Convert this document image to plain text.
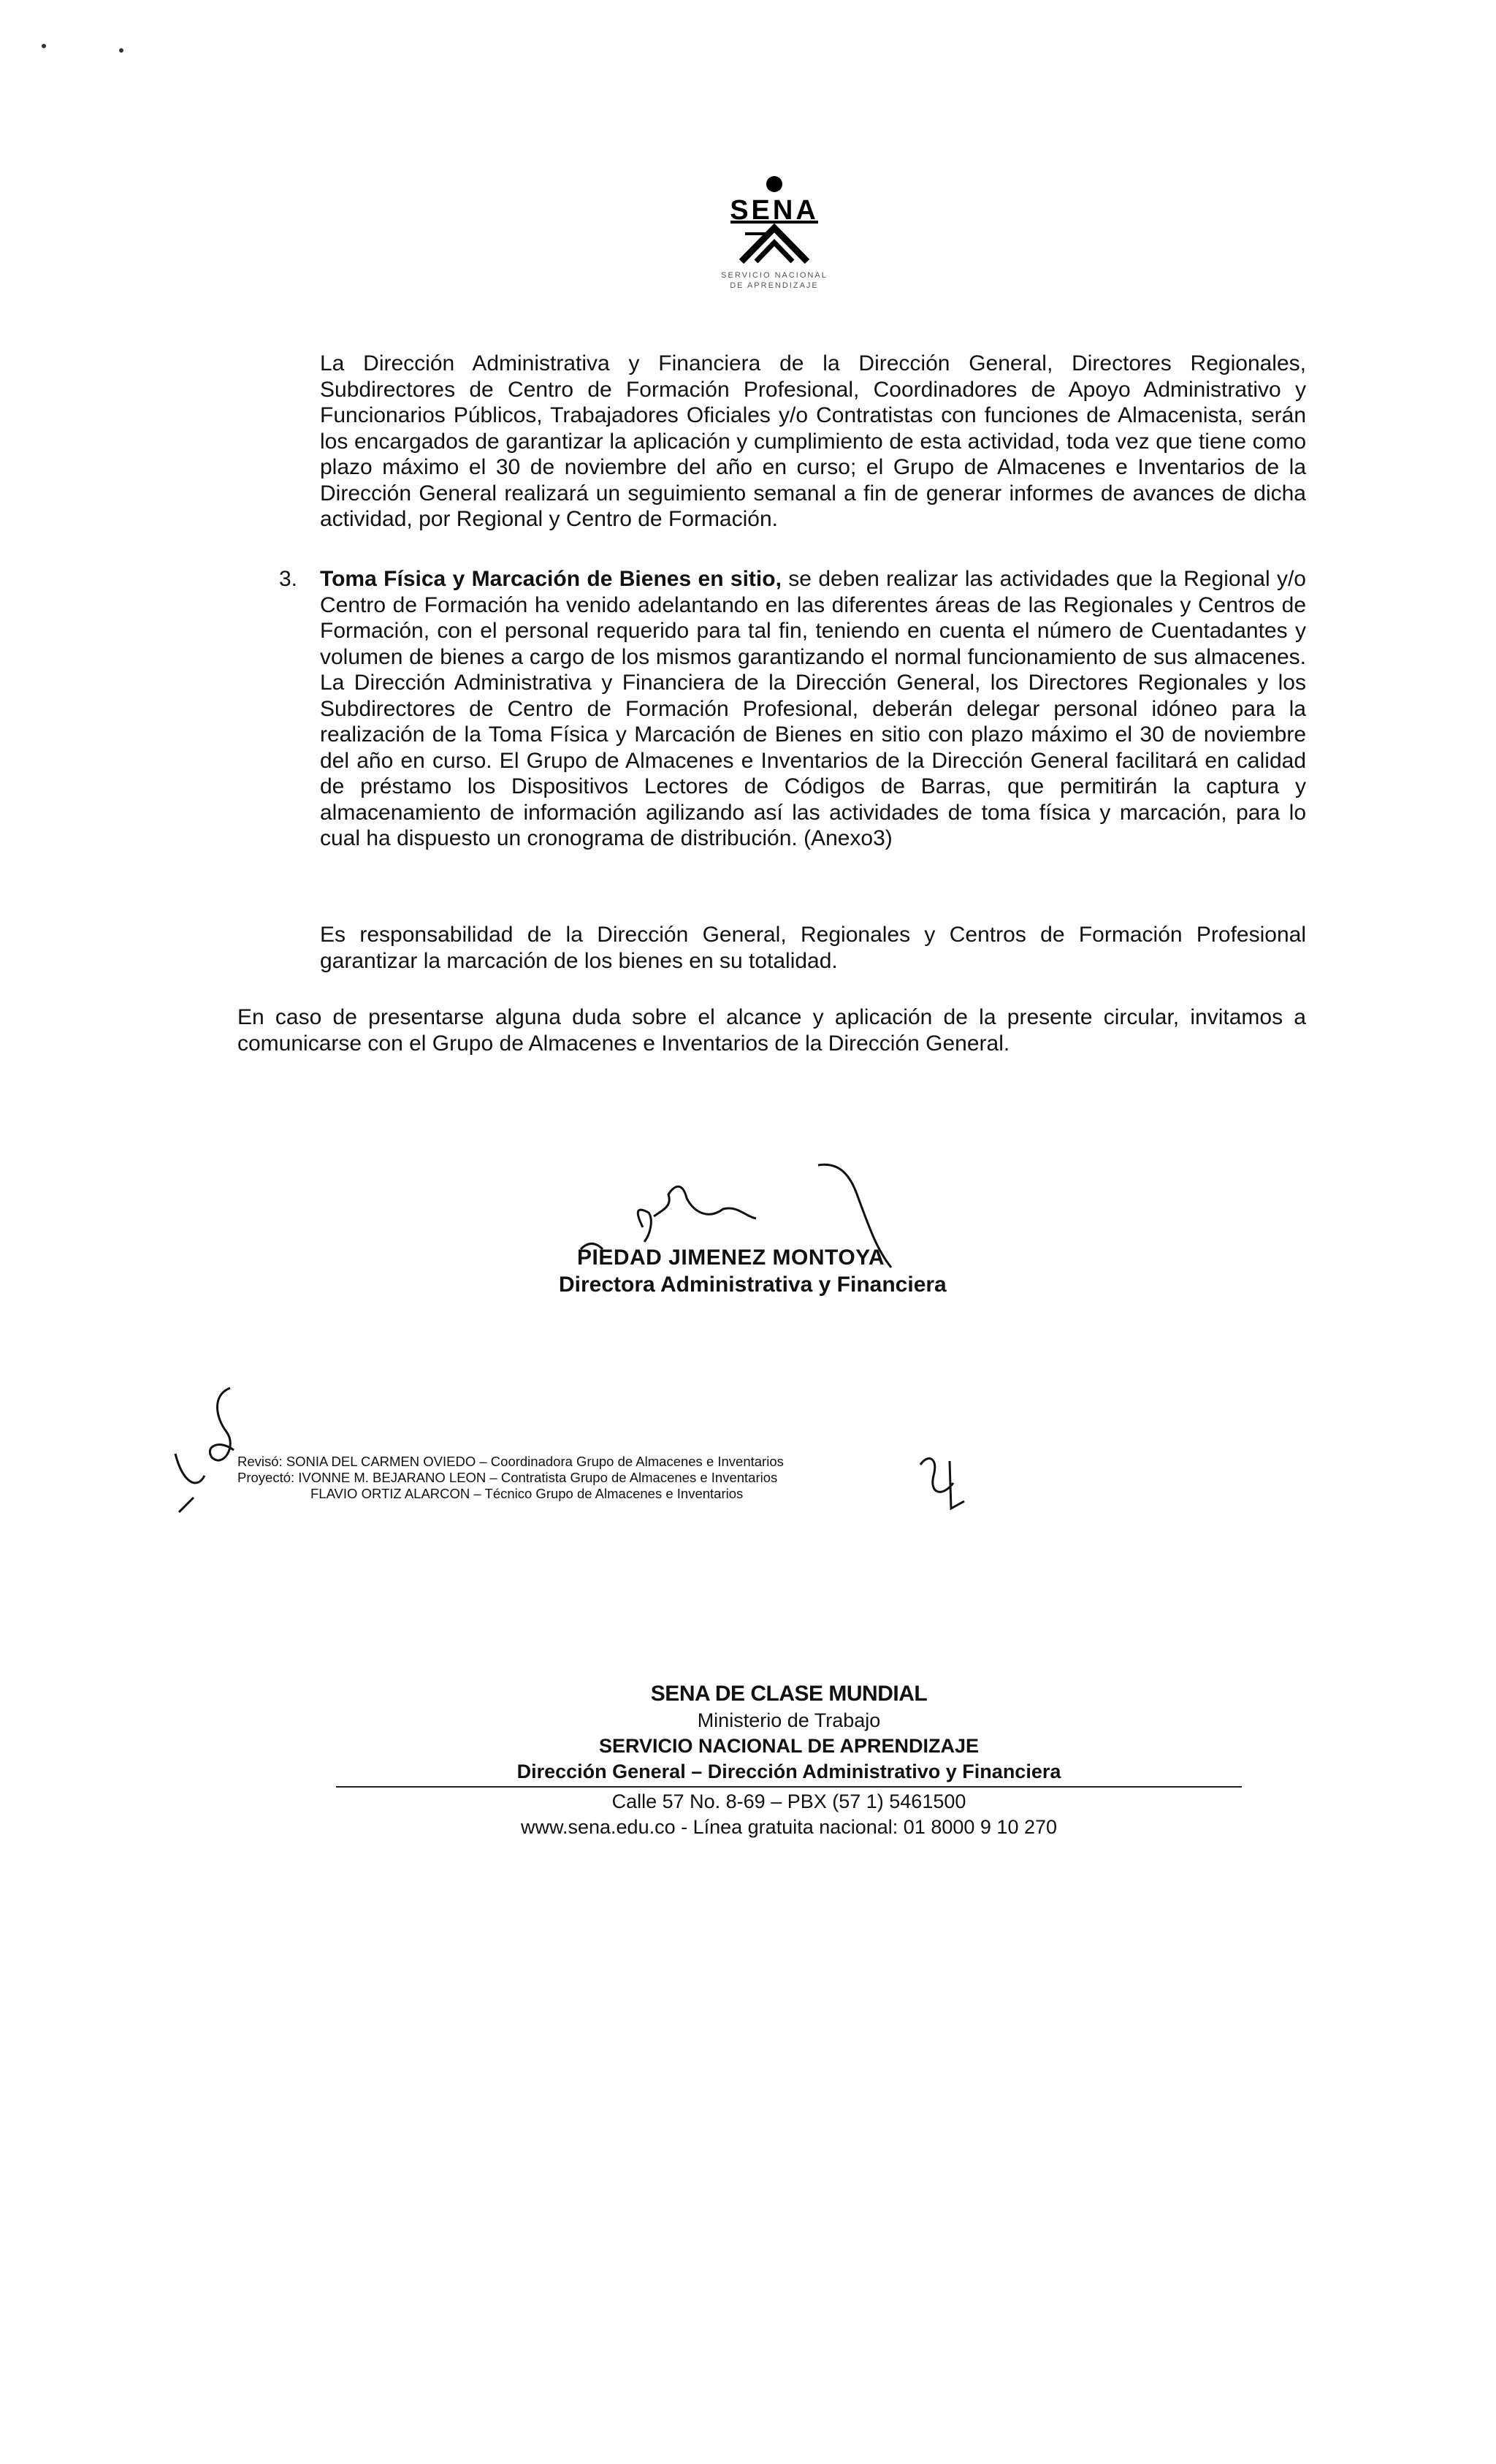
SENA
SERVICIO NACIONAL
DE APRENDIZAJE
La Dirección Administrativa y Financiera de la Dirección General, Directores Regionales, Subdirectores de Centro de Formación Profesional, Coordinadores de Apoyo Administrativo y Funcionarios Públicos, Trabajadores Oficiales y/o Contratistas con funciones de Almacenista, serán los encargados de garantizar la aplicación y cumplimiento de esta actividad, toda vez que tiene como plazo máximo el 30 de noviembre del año en curso; el Grupo de Almacenes e Inventarios de la Dirección General realizará un seguimiento semanal a fin de generar informes de avances de dicha actividad, por Regional y Centro de Formación.
3. Toma Física y Marcación de Bienes en sitio, se deben realizar las actividades que la Regional y/o Centro de Formación ha venido adelantando en las diferentes áreas de las Regionales y Centros de Formación, con el personal requerido para tal fin, teniendo en cuenta el número de Cuentadantes y volumen de bienes a cargo de los mismos garantizando el normal funcionamiento de sus almacenes. La Dirección Administrativa y Financiera de la Dirección General, los Directores Regionales y los Subdirectores de Centro de Formación Profesional, deberán delegar personal idóneo para la realización de la Toma Física y Marcación de Bienes en sitio con plazo máximo el 30 de noviembre del año en curso. El Grupo de Almacenes e Inventarios de la Dirección General facilitará en calidad de préstamo los Dispositivos Lectores de Códigos de Barras, que permitirán la captura y almacenamiento de información agilizando así las actividades de toma física y marcación, para lo cual ha dispuesto un cronograma de distribución. (Anexo3)
Es responsabilidad de la Dirección General, Regionales y Centros de Formación Profesional garantizar la marcación de los bienes en su totalidad.
En caso de presentarse alguna duda sobre el alcance y aplicación de la presente circular, invitamos a comunicarse con el Grupo de Almacenes e Inventarios de la Dirección General.
PIEDAD JIMENEZ MONTOYA
Directora Administrativa y Financiera
Revisó: SONIA DEL CARMEN OVIEDO – Coordinadora Grupo de Almacenes e Inventarios
Proyectó: IVONNE M. BEJARANO LEON – Contratista Grupo de Almacenes e Inventarios
FLAVIO ORTIZ ALARCON – Técnico Grupo de Almacenes e Inventarios
SENA DE CLASE MUNDIAL
Ministerio de Trabajo
SERVICIO NACIONAL DE APRENDIZAJE
Dirección General – Dirección Administrativo y Financiera
Calle 57 No. 8-69 – PBX (57 1) 5461500
www.sena.edu.co - Línea gratuita nacional: 01 8000 9 10 270
